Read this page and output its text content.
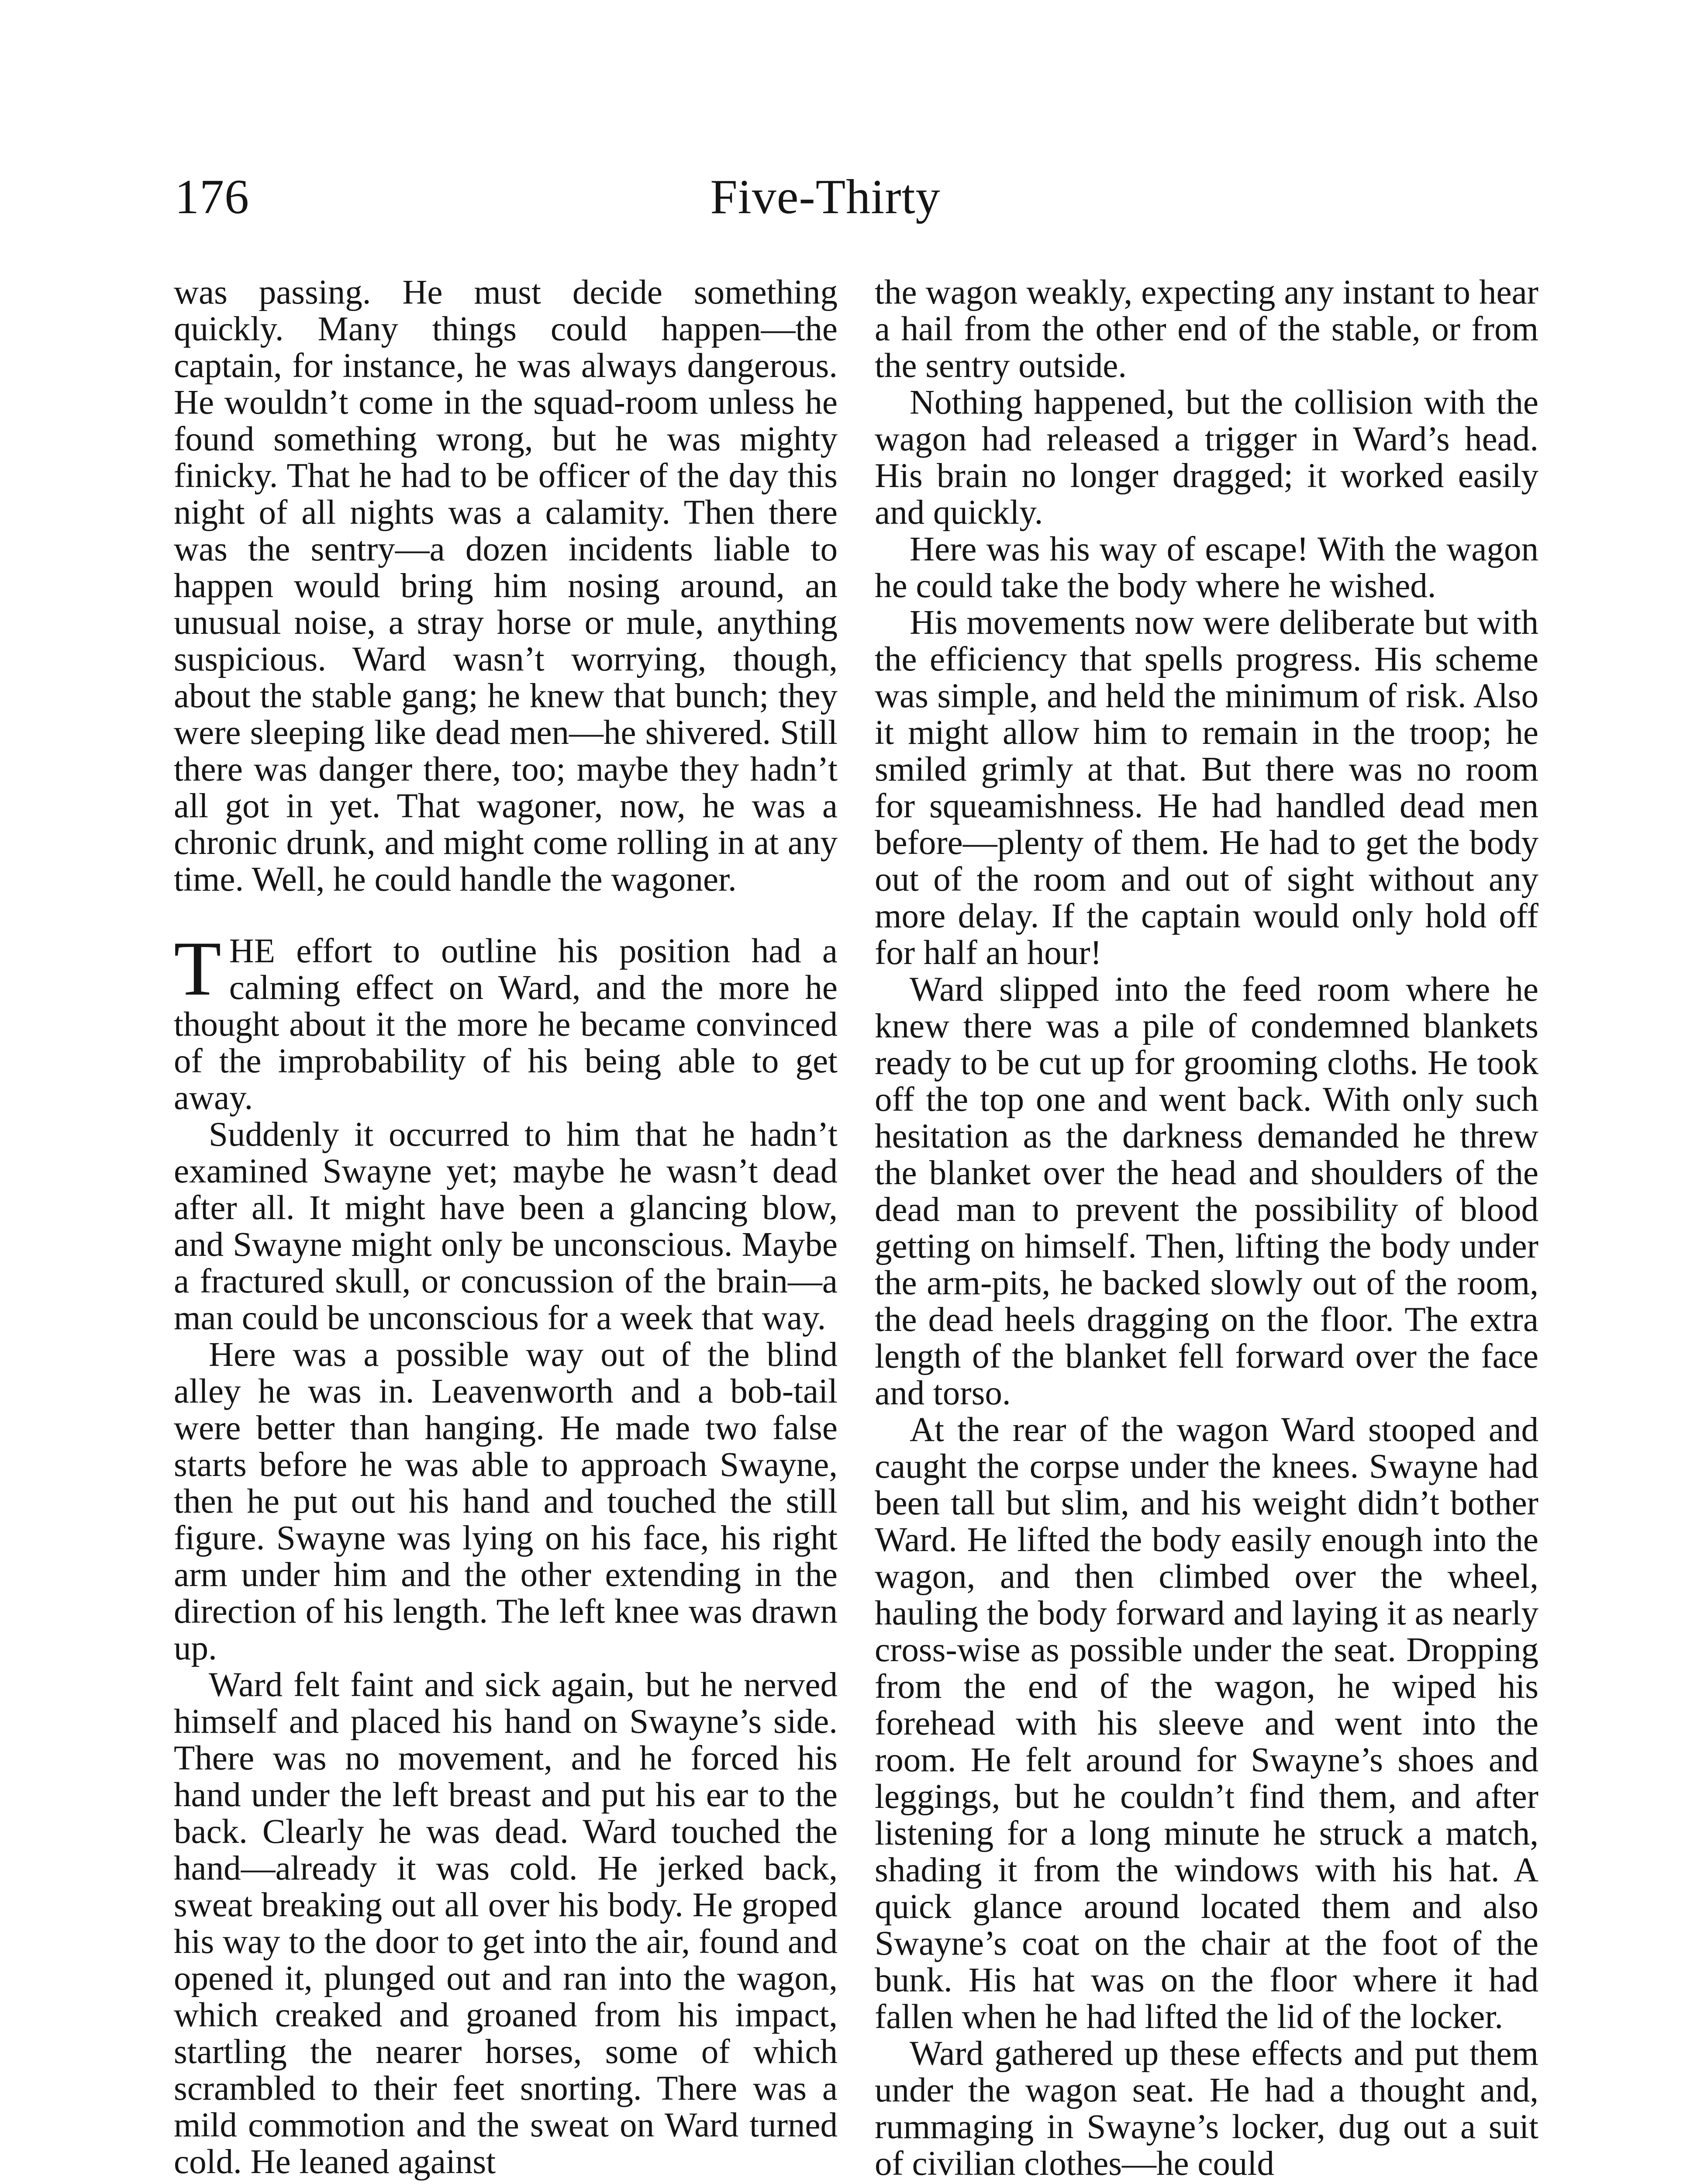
176	Five-Thirty

was passing. He must decide something quickly. Many things could happen—the captain, for instance, he was always dangerous. He wouldn’t come in the squad-room unless he found something wrong, but he was mighty finicky. That he had to be officer of the day this night of all nights was a calamity. Then there was the sentry—a dozen incidents liable to happen would bring him nosing around, an unusual noise, a stray horse or mule, anything suspicious. Ward wasn’t worrying, though, about the stable gang; he knew that bunch; they were sleeping like dead men—he shivered. Still there was danger there, too; maybe they hadn’t all got in yet. That wagoner, now, he was a chronic drunk, and might come rolling in at any time. Well, he could handle the wagoner.

THE effort to outline his position had a calming effect on Ward, and the more he thought about it the more he became convinced of the improbability of his being able to get away.

Suddenly it occurred to him that he hadn’t examined Swayne yet; maybe he wasn’t dead after all. It might have been a glancing blow, and Swayne might only be unconscious. Maybe a fractured skull, or concussion of the brain—a man could be unconscious for a week that way.

Here was a possible way out of the blind alley he was in. Leavenworth and a bob-tail were better than hanging. He made two false starts before he was able to approach Swayne, then he put out his hand and touched the still figure. Swayne was lying on his face, his right arm under him and the other extending in the direction of his length. The left knee was drawn up.

Ward felt faint and sick again, but he nerved himself and placed his hand on Swayne’s side. There was no movement, and he forced his hand under the left breast and put his ear to the back. Clearly he was dead. Ward touched the hand—already it was cold. He jerked back, sweat breaking out all over his body. He groped his way to the door to get into the air, found and opened it, plunged out and ran into the wagon, which creaked and groaned from his impact, startling the nearer horses, some of which scrambled to their feet snorting. There was a mild commotion and the sweat on Ward turned cold. He leaned against

the wagon weakly, expecting any instant to hear a hail from the other end of the stable, or from the sentry outside.

Nothing happened, but the collision with the wagon had released a trigger in Ward’s head. His brain no longer dragged; it worked easily and quickly.

Here was his way of escape! With the wagon he could take the body where he wished.

His movements now were deliberate but with the efficiency that spells progress. His scheme was simple, and held the minimum of risk. Also it might allow him to remain in the troop; he smiled grimly at that. But there was no room for squeamishness. He had handled dead men before—plenty of them. He had to get the body out of the room and out of sight without any more delay. If the captain would only hold off for half an hour!

Ward slipped into the feed room where he knew there was a pile of condemned blankets ready to be cut up for grooming cloths. He took off the top one and went back. With only such hesitation as the darkness demanded he threw the blanket over the head and shoulders of the dead man to prevent the possibility of blood getting on himself. Then, lifting the body under the arm-pits, he backed slowly out of the room, the dead heels dragging on the floor. The extra length of the blanket fell forward over the face and torso.

At the rear of the wagon Ward stooped and caught the corpse under the knees. Swayne had been tall but slim, and his weight didn’t bother Ward. He lifted the body easily enough into the wagon, and then climbed over the wheel, hauling the body forward and laying it as nearly cross-wise as possible under the seat. Dropping from the end of the wagon, he wiped his forehead with his sleeve and went into the room. He felt around for Swayne’s shoes and leggings, but he couldn’t find them, and after listening for a long minute he struck a match, shading it from the windows with his hat. A quick glance around located them and also Swayne’s coat on the chair at the foot of the bunk. His hat was on the floor where it had fallen when he had lifted the lid of the locker.

Ward gathered up these effects and put them under the wagon seat. He had a thought and, rummaging in Swayne’s locker, dug out a suit of civilian clothes—he could
